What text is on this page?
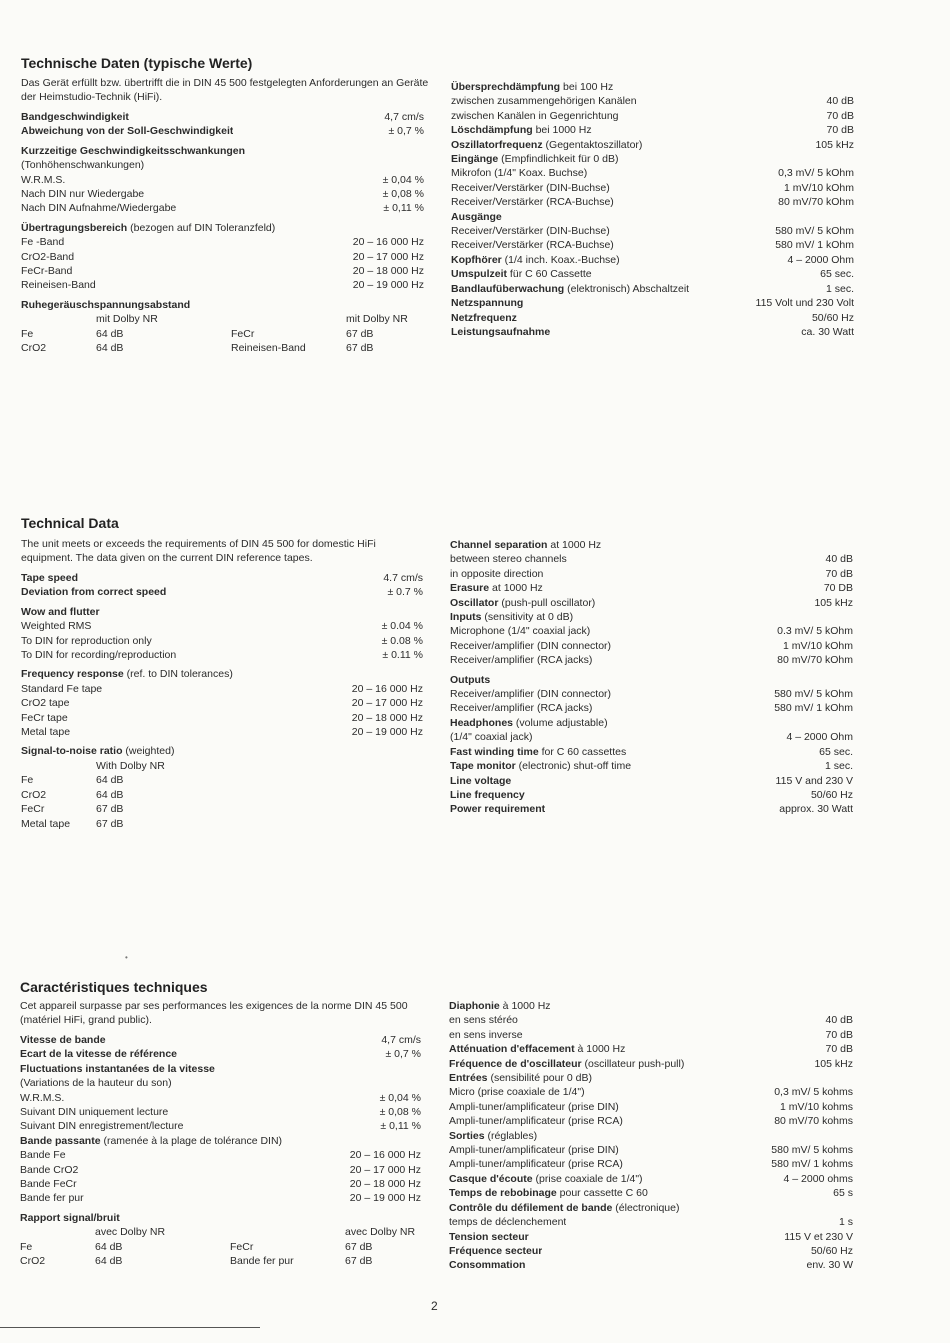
Technische Daten (typische Werte)

Das Gerät erfüllt bzw. übertrifft die in DIN 45 500 festgelegten Anforderungen an Geräte der Heimstudio-Technik (HiFi).

Bandgeschwindigkeit	4,7 cm/s
Abweichung von der Soll-Geschwindigkeit	± 0,7 %
Kurzzeitige Geschwindigkeitsschwankungen
(Tonhöhenschwankungen)
W.R.M.S.	± 0,04 %
Nach DIN nur Wiedergabe	± 0,08 %
Nach DIN Aufnahme/Wiedergabe	± 0,11 %
Übertragungsbereich (bezogen auf DIN Toleranzfeld)
Fe -Band	20 – 16 000 Hz
CrO2-Band	20 – 17 000 Hz
FeCr-Band	20 – 18 000 Hz
Reineisen-Band	20 – 19 000 Hz
Ruhegeräuschspannungsabstand
mit Dolby NR	mit Dolby NR
Fe	64 dB	FeCr	67 dB
CrO2	64 dB	Reineisen-Band	67 dB
Übersprechdämpfung bei 100 Hz
zwischen zusammengehörigen Kanälen	40 dB
zwischen Kanälen in Gegenrichtung	70 dB
Löschdämpfung bei 1000 Hz	70 dB
Oszillatorfrequenz (Gegentaktoszillator)	105 kHz
Eingänge (Empfindlichkeit für 0 dB)
Mikrofon (1/4" Koax. Buchse)	0,3 mV/ 5 kOhm
Receiver/Verstärker (DIN-Buchse)	1 mV/10 kOhm
Receiver/Verstärker (RCA-Buchse)	80 mV/70 kOhm
Ausgänge
Receiver/Verstärker (DIN-Buchse)	580 mV/ 5 kOhm
Receiver/Verstärker (RCA-Buchse)	580 mV/ 1 kOhm
Kopfhörer (1/4 inch. Koax.-Buchse)	4 – 2000 Ohm
Umspulzeit für C 60 Cassette	65 sec.
Bandlaufüberwachung (elektronisch) Abschaltzeit	1 sec.
Netzspannung	115 Volt und 230 Volt
Netzfrequenz	50/60 Hz
Leistungsaufnahme	ca. 30 Watt
Technical Data

The unit meets or exceeds the requirements of DIN 45 500 for domestic HiFi equipment. The data given on the current DIN reference tapes.

Tape speed	4.7 cm/s
Deviation from correct speed	± 0.7 %
Wow and flutter
Weighted RMS	± 0.04 %
To DIN for reproduction only	± 0.08 %
To DIN for recording/reproduction	± 0.11 %
Frequency response (ref. to DIN tolerances)
Standard Fe tape	20 – 16 000 Hz
CrO2 tape	20 – 17 000 Hz
FeCr tape	20 – 18 000 Hz
Metal tape	20 – 19 000 Hz
Signal-to-noise ratio (weighted)
With Dolby NR
Fe	64 dB
CrO2	64 dB
FeCr	67 dB
Metal tape	67 dB
Channel separation at 1000 Hz
between stereo channels	40 dB
in opposite direction	70 dB
Erasure at 1000 Hz	70 DB
Oscillator (push-pull oscillator)	105 kHz
Inputs (sensitivity at 0 dB)
Microphone (1/4" coaxial jack)	0.3 mV/ 5 kOhm
Receiver/amplifier (DIN connector)	1 mV/10 kOhm
Receiver/amplifier (RCA jacks)	80 mV/70 kOhm
Outputs
Receiver/amplifier (DIN connector)	580 mV/ 5 kOhm
Receiver/amplifier (RCA jacks)	580 mV/ 1 kOhm
Headphones (volume adjustable)
(1/4" coaxial jack)	4 – 2000 Ohm
Fast winding time for C 60 cassettes	65 sec.
Tape monitor (electronic) shut-off time	1 sec.
Line voltage	115 V and 230 V
Line frequency	50/60 Hz
Power requirement	approx. 30 Watt
Caractéristiques techniques

Cet appareil surpasse par ses performances les exigences de la norme DIN 45 500 (matériel HiFi, grand public).

Vitesse de bande	4,7 cm/s
Ecart de la vitesse de référence	± 0,7 %
Fluctuations instantanées de la vitesse
(Variations de la hauteur du son)
W.R.M.S.	± 0,04 %
Suivant DIN uniquement lecture	± 0,08 %
Suivant DIN enregistrement/lecture	± 0,11 %
Bande passante (ramenée à la plage de tolérance DIN)
Bande Fe	20 – 16 000 Hz
Bande CrO2	20 – 17 000 Hz
Bande FeCr	20 – 18 000 Hz
Bande fer pur	20 – 19 000 Hz
Rapport signal/bruit
avec Dolby NR	avec Dolby NR
Fe	64 dB	FeCr	67 dB
CrO2	64 dB	Bande fer pur	67 dB
Diaphonie à 1000 Hz
en sens stéréo	40 dB
en sens inverse	70 dB
Atténuation d'effacement à 1000 Hz	70 dB
Fréquence de d'oscillateur (oscillateur push-pull)	105 kHz
Entrées (sensibilité pour 0 dB)
Micro (prise coaxiale de 1/4")	0,3 mV/ 5 kohms
Ampli-tuner/amplificateur (prise DIN)	1 mV/10 kohms
Ampli-tuner/amplificateur (prise RCA)	80 mV/70 kohms
Sorties (réglables)
Ampli-tuner/amplificateur (prise DIN)	580 mV/ 5 kohms
Ampli-tuner/amplificateur (prise RCA)	580 mV/ 1 kohms
Casque d'écoute (prise coaxiale de 1/4")	4 – 2000 ohms
Temps de rebobinage pour cassette C 60	65 s
Contrôle du défilement de bande (électronique)
temps de déclenchement	1 s
Tension secteur	115 V et 230 V
Fréquence secteur	50/60 Hz
Consommation	env. 30 W
2
•
